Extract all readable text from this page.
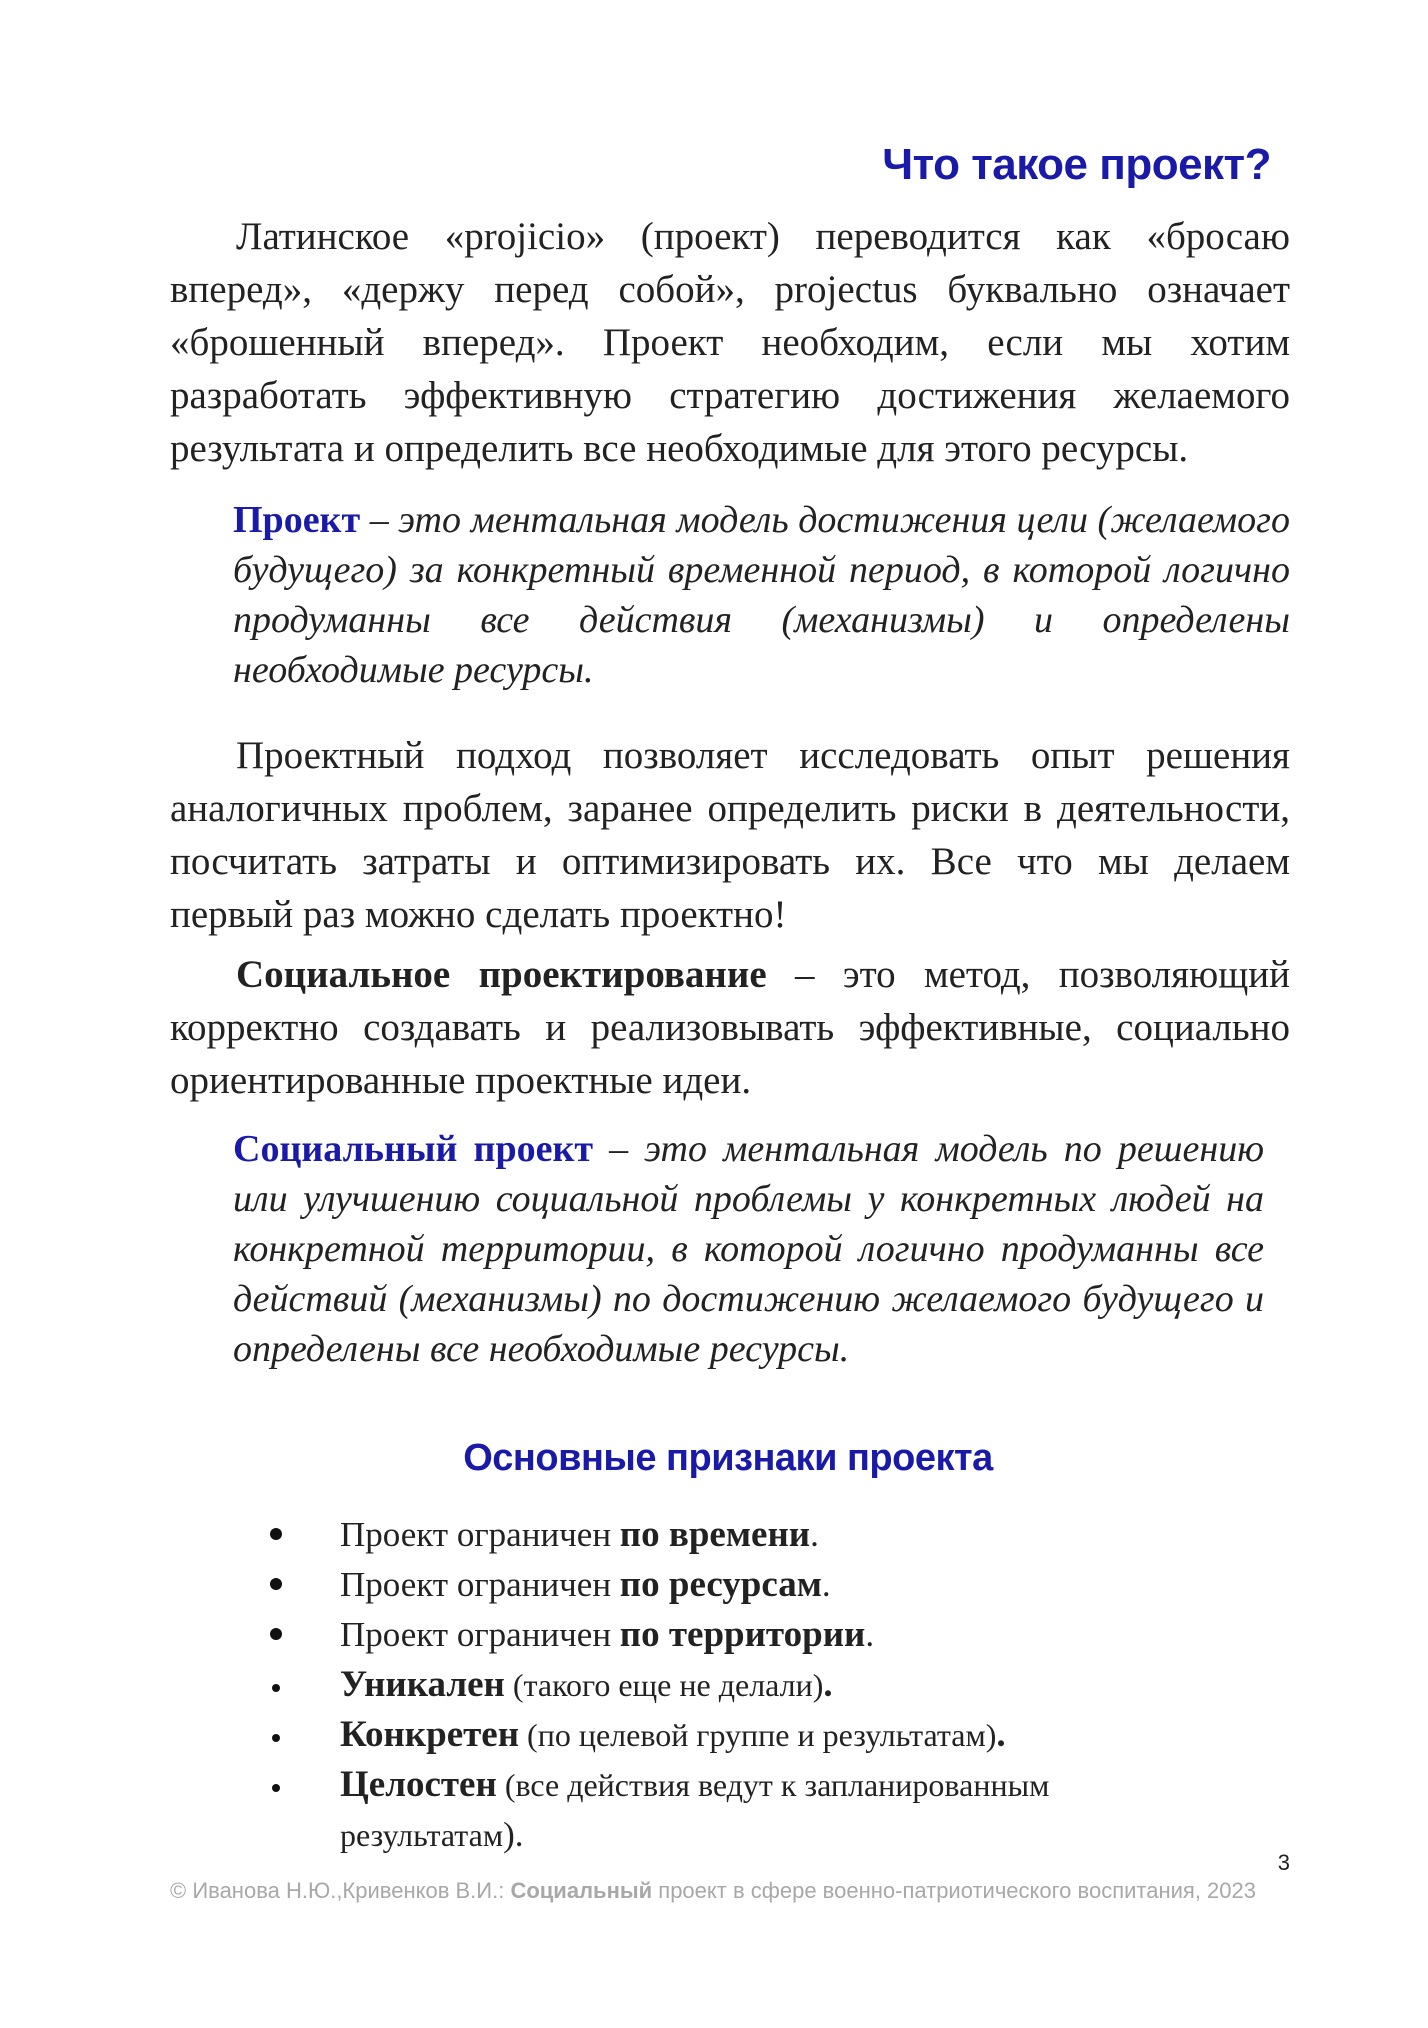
Что такое проект?
Латинское «projicio» (проект) переводится как «бросаю вперед», «держу перед собой», projectus буквально означает «брошенный вперед». Проект необходим, если мы хотим разработать эффективную стратегию достижения желаемого результата и определить все необходимые для этого ресурсы.
Проект – это ментальная модель достижения цели (желаемого будущего) за конкретный временной период, в которой логично продуманны все действия (механизмы) и определены необходимые ресурсы.
Проектный подход позволяет исследовать опыт решения аналогичных проблем, заранее определить риски в деятельности, посчитать затраты и оптимизировать их. Все что мы делаем первый раз можно сделать проектно!
Социальное проектирование – это метод, позволяющий корректно создавать и реализовывать эффективные, социально ориентированные проектные идеи.
Социальный проект – это ментальная модель по решению или улучшению социальной проблемы у конкретных людей на конкретной территории, в которой логично продуманны все действий (механизмы) по достижению желаемого будущего и определены все необходимые ресурсы.
Основные признаки проекта
Проект ограничен по времени.
Проект ограничен по ресурсам.
Проект ограничен по территории.
Уникален (такого еще не делали).
Конкретен (по целевой группе и результатам).
Целостен (все действия ведут к запланированным результатам).
3
© Иванова Н.Ю.,Кривенков В.И.: Социальный проект в сфере военно-патриотического воспитания, 2023
